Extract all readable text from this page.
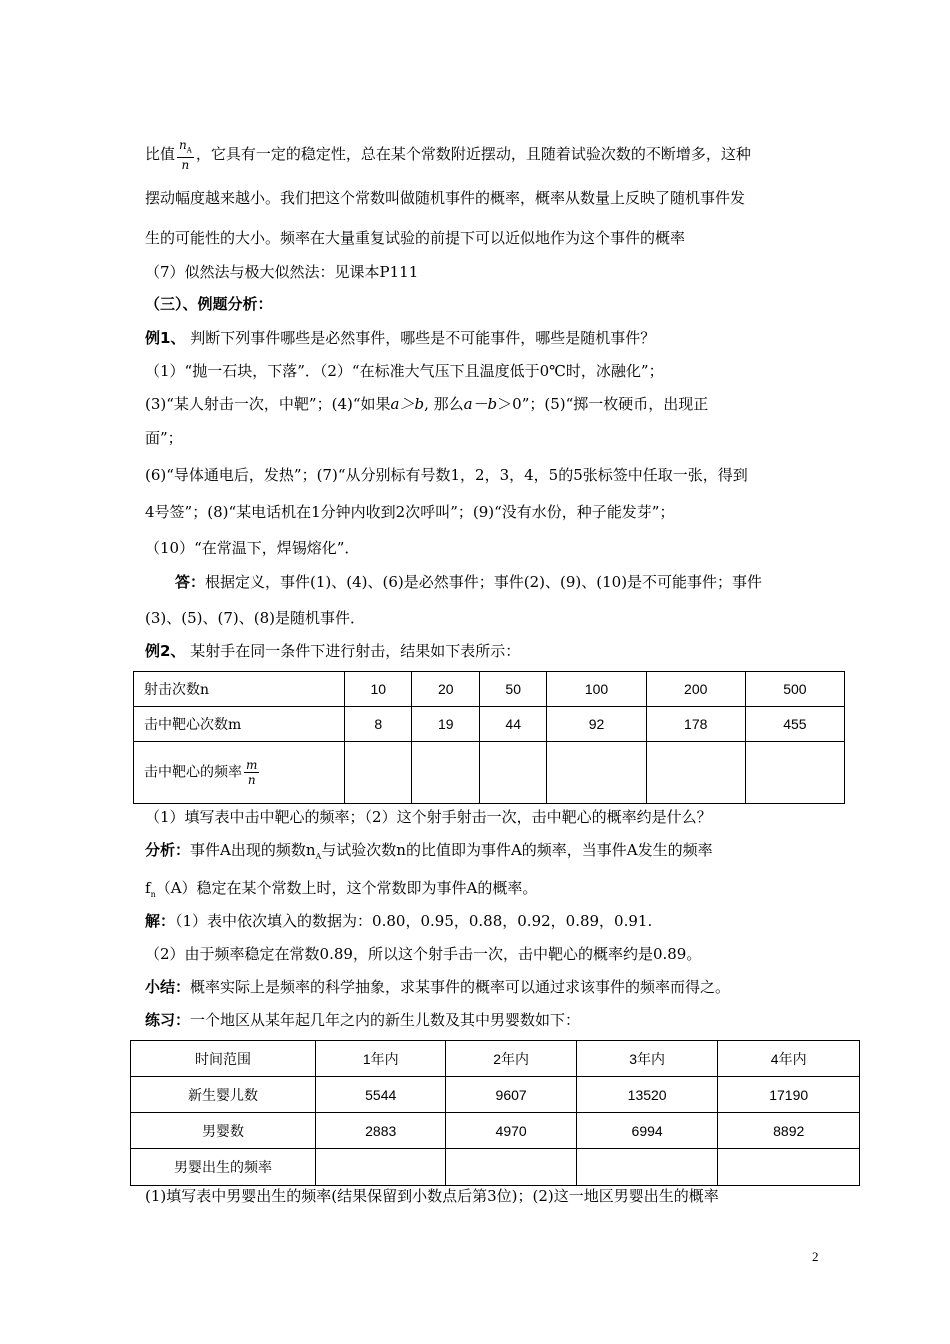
比值 $\frac{n_A}{n}$ ，它具有一定的稳定性，总在某个常数附近摆动，且随着试验次数的不断增多，这种
摆动幅度越来越小。我们把这个常数叫做随机事件的概率，概率从数量上反映了随机事件发
生的可能性的大小。频率在大量重复试验的前提下可以近似地作为这个事件的概率
（7）似然法与极大似然法：见课本P111
（三）、例题分析：
例1、 判断下列事件哪些是必然事件，哪些是不可能事件，哪些是随机事件？
（1）“抛一石块，下落”．（2）“在标准大气压下且温度低于0℃时，冰融化”；
(3)“某人射击一次，中靶”；(4)“如果a＞b, 那么a－b＞0”；(5)“掷一枚硬币，出现正
面”；
(6)“导体通电后，发热”；(7)“从分别标有号数1，2，3，4，5的5张标签中任取一张，得到
4号签”；(8)“某电话机在1分钟内收到2次呼叫”；(9)“没有水份，种子能发芽”；
（10）“在常温下，焊锡熔化”．
答：根据定义，事件(1)、(4)、(6)是必然事件；事件(2)、(9)、(10)是不可能事件；事件
(3)、(5)、(7)、(8)是随机事件．
例2、 某射手在同一条件下进行射击，结果如下表所示：
射击次数n	10	20	50	100	200	500
击中靶心次数m	8	19	44	92	178	455
击中靶心的频率 $\frac{m}{n}$

（1）填写表中击中靶心的频率；（2）这个射手射击一次，击中靶心的概率约是什么？
分析：事件A出现的频数$n_A$与试验次数n的比值即为事件A的频率，当事件A发生的频率
$f_n(A)$稳定在某个常数上时，这个常数即为事件A的概率。
解：（1）表中依次填入的数据为：0.80，0.95，0.88，0.92，0.89，0.91.
（2）由于频率稳定在常数0.89，所以这个射手击一次，击中靶心的概率约是0.89。
小结：概率实际上是频率的科学抽象，求某事件的概率可以通过求该事件的频率而得之。
练习：一个地区从某年起几年之内的新生儿数及其中男婴数如下：
时间范围	1年内	2年内	3年内	4年内
新生婴儿数	5544	9607	13520	17190
男婴数	2883	4970	6994	8892
男婴出生的频率				
(1)填写表中男婴出生的频率(结果保留到小数点后第3位)；(2)这一地区男婴出生的概率
2
